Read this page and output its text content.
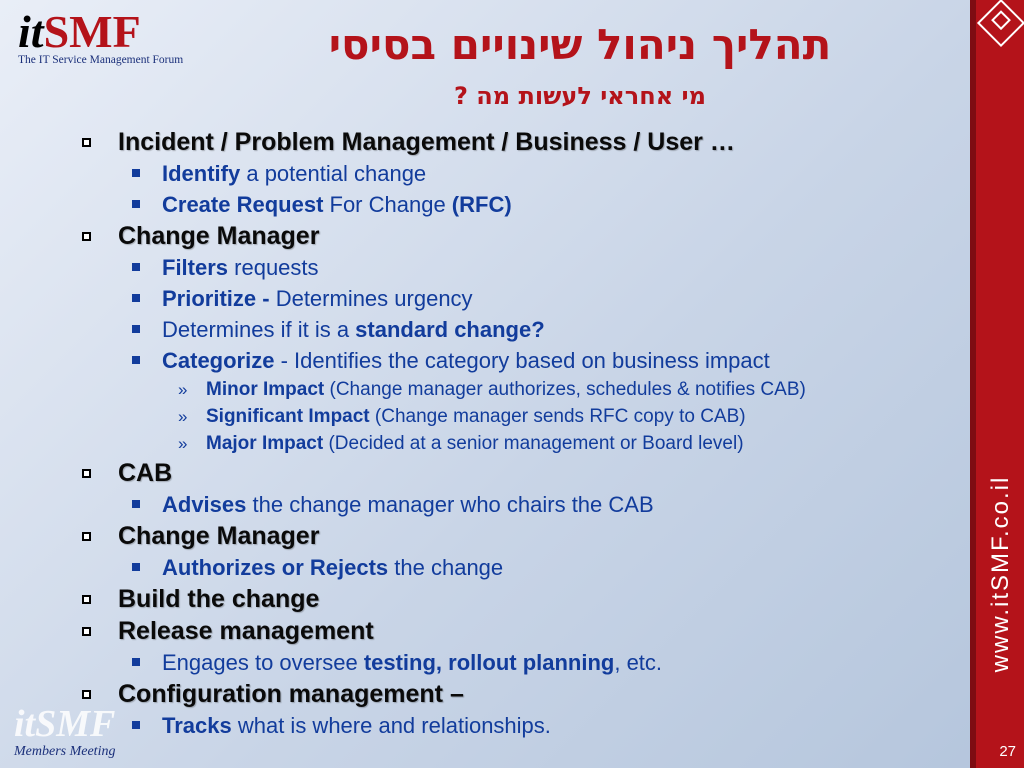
www.itSMF.co.il
27
itSMF
The IT Service Management Forum	תהליך ניהול שינויים בסיסי
מי אחראי לעשות מה ?
Incident / Problem Management / Business / User …
Identify a potential change
Create Request For Change (RFC)
Change Manager
Filters requests
Prioritize - Determines urgency
Determines if it is a standard change?
Categorize - Identifies the category based on business impact
» Minor Impact (Change manager authorizes, schedules & notifies CAB)
» Significant Impact (Change manager sends RFC copy to CAB)
» Major Impact (Decided at a senior management or Board level)
CAB
Advises the change manager who chairs the CAB
Change Manager
Authorizes or Rejects the change
Build the change
Release management
Engages to oversee testing, rollout planning, etc.
Configuration management –
Tracks what is where and relationships.
itSMF
Members Meeting
